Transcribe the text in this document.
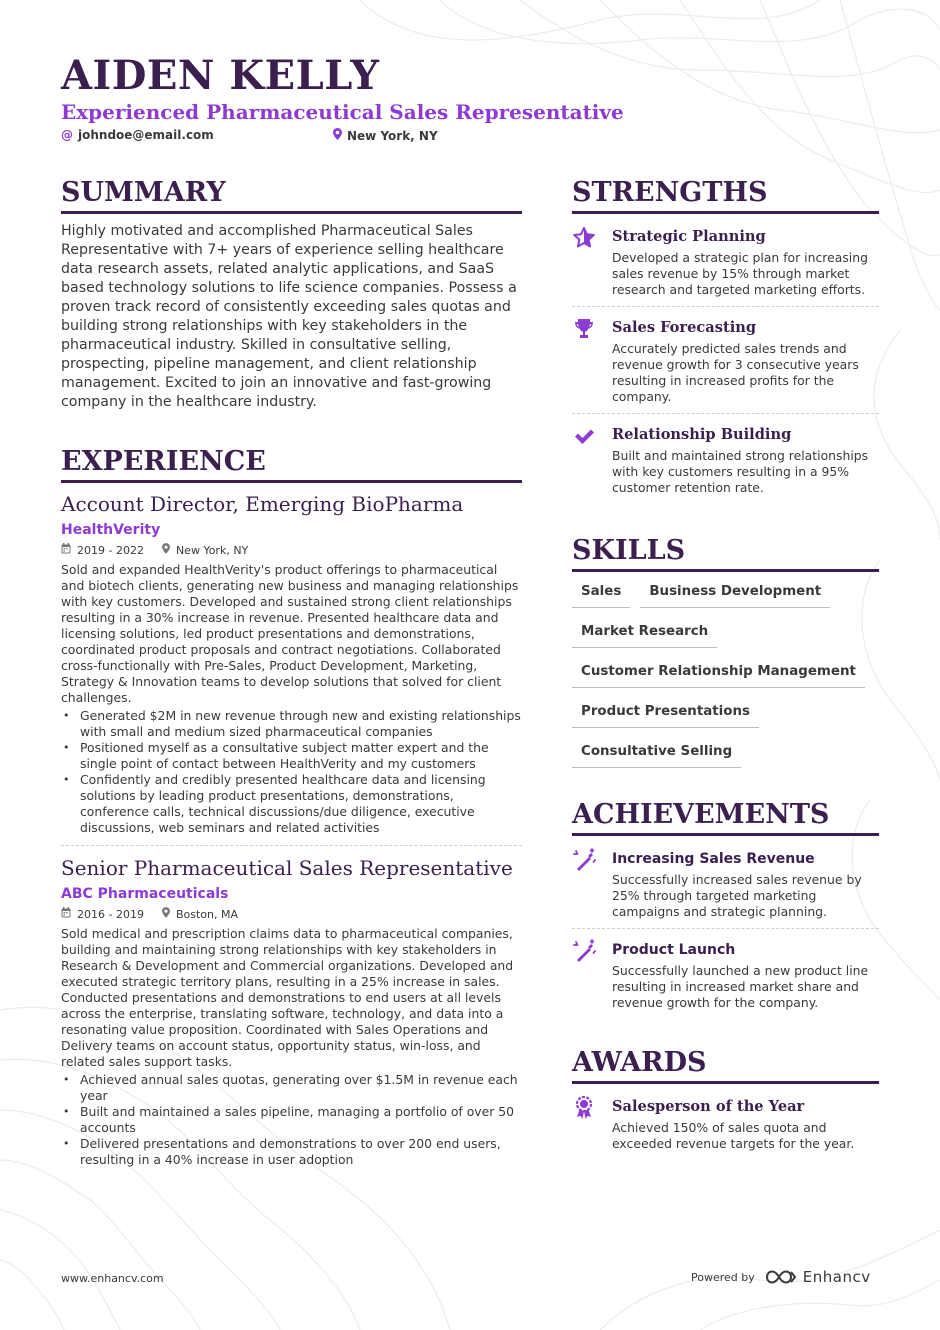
AIDEN KELLY
Experienced Pharmaceutical Sales Representative
@ johndoe@email.com	New York, NY
SUMMARY
Highly motivated and accomplished Pharmaceutical Sales Representative with 7+ years of experience selling healthcare data research assets, related analytic applications, and SaaS based technology solutions to life science companies. Possess a proven track record of consistently exceeding sales quotas and building strong relationships with key stakeholders in the pharmaceutical industry. Skilled in consultative selling, prospecting, pipeline management, and client relationship management. Excited to join an innovative and fast-growing company in the healthcare industry.
EXPERIENCE
Account Director, Emerging BioPharma
HealthVerity
2019 - 2022	New York, NY
Sold and expanded HealthVerity's product offerings to pharmaceutical and biotech clients, generating new business and managing relationships with key customers. Developed and sustained strong client relationships resulting in a 30% increase in revenue. Presented healthcare data and licensing solutions, led product presentations and demonstrations, coordinated product proposals and contract negotiations. Collaborated cross-functionally with Pre-Sales, Product Development, Marketing, Strategy & Innovation teams to develop solutions that solved for client challenges.
• Generated $2M in new revenue through new and existing relationships with small and medium sized pharmaceutical companies
• Positioned myself as a consultative subject matter expert and the single point of contact between HealthVerity and my customers
• Confidently and credibly presented healthcare data and licensing solutions by leading product presentations, demonstrations, conference calls, technical discussions/due diligence, executive discussions, web seminars and related activities
Senior Pharmaceutical Sales Representative
ABC Pharmaceuticals
2016 - 2019	Boston, MA
Sold medical and prescription claims data to pharmaceutical companies, building and maintaining strong relationships with key stakeholders in Research & Development and Commercial organizations. Developed and executed strategic territory plans, resulting in a 25% increase in sales. Conducted presentations and demonstrations to end users at all levels across the enterprise, translating software, technology, and data into a resonating value proposition. Coordinated with Sales Operations and Delivery teams on account status, opportunity status, win-loss, and related sales support tasks.
• Achieved annual sales quotas, generating over $1.5M in revenue each year
• Built and maintained a sales pipeline, managing a portfolio of over 50 accounts
• Delivered presentations and demonstrations to over 200 end users, resulting in a 40% increase in user adoption
STRENGTHS
Strategic Planning
Developed a strategic plan for increasing sales revenue by 15% through market research and targeted marketing efforts.
Sales Forecasting
Accurately predicted sales trends and revenue growth for 3 consecutive years resulting in increased profits for the company.
Relationship Building
Built and maintained strong relationships with key customers resulting in a 95% customer retention rate.
SKILLS
Sales	Business Development
Market Research
Customer Relationship Management
Product Presentations
Consultative Selling
ACHIEVEMENTS
Increasing Sales Revenue
Successfully increased sales revenue by 25% through targeted marketing campaigns and strategic planning.
Product Launch
Successfully launched a new product line resulting in increased market share and revenue growth for the company.
AWARDS
Salesperson of the Year
Achieved 150% of sales quota and exceeded revenue targets for the year.
www.enhancv.com	Powered by	Enhancv
